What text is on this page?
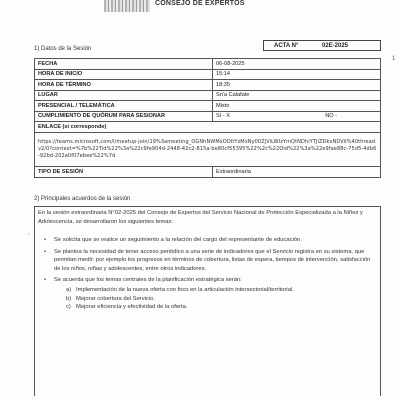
CONSEJO DE EXPERTOS
ACTA N°	02E-2025
1) Datos de la Sesión
FECHA	06-08-2025
HORA DE INICIO	15:14
HORA DE TÉRMINO	18:35
LUGAR	Sn'a Calafate
PRESENCIAL / TELEMÁTICA	Mixto
CUMPLIMIENTO DE QUÓRUM PARA SESIONAR	SI - X NO -

ENLACE (si corresponde)	
https://teams.microsoft.com/l/meetup-join/19%3ameeting_OGNhNWMxODItYzMxNy00ZjViLWIzYmQtNDhiYTJiZDkxNDViI%40thread.v2/0?context=%7b%22Tid%22%3a%22c9fe904d-2448-42c2-815a-be80cf55395%22%2c%22Oid%22%3a%22e9fae88c-75d5-4db6-92bd-202a0f07ebee%22%7d	
TIPO DE SESIÓN	Extraordinaria
2) Principales acuerdos de la sesión
En la sesión extraordinaria N°02-2025 del Consejo de Expertos del Servicio Nacional de Protección Especializada a la Niñez y Adolescencia, se desarrollaron los siguientes temas:
• Se solicita que se realice un seguimiento a la relación del cargo del representante de educación.
• Se plantea la necesidad de tener acceso periódico a una serie de indicadores que el Servicio registra en su sistema, que permitan medir: por ejemplo los progresos en términos de cobertura, listas de espera, tiempos de intervención, satisfacción de los niños, niñas y adolescentes, entre otros indicadores.
• Se acuerda que los temas centrales de la planificación estratégica serán:
a) Implementación de la nueva oferta con foco en la articulación intersectorial/territorial.
b) Mejorar cobertura del Servicio.
c) Mejorar eficiencia y efectividad de la oferta.
1
,
